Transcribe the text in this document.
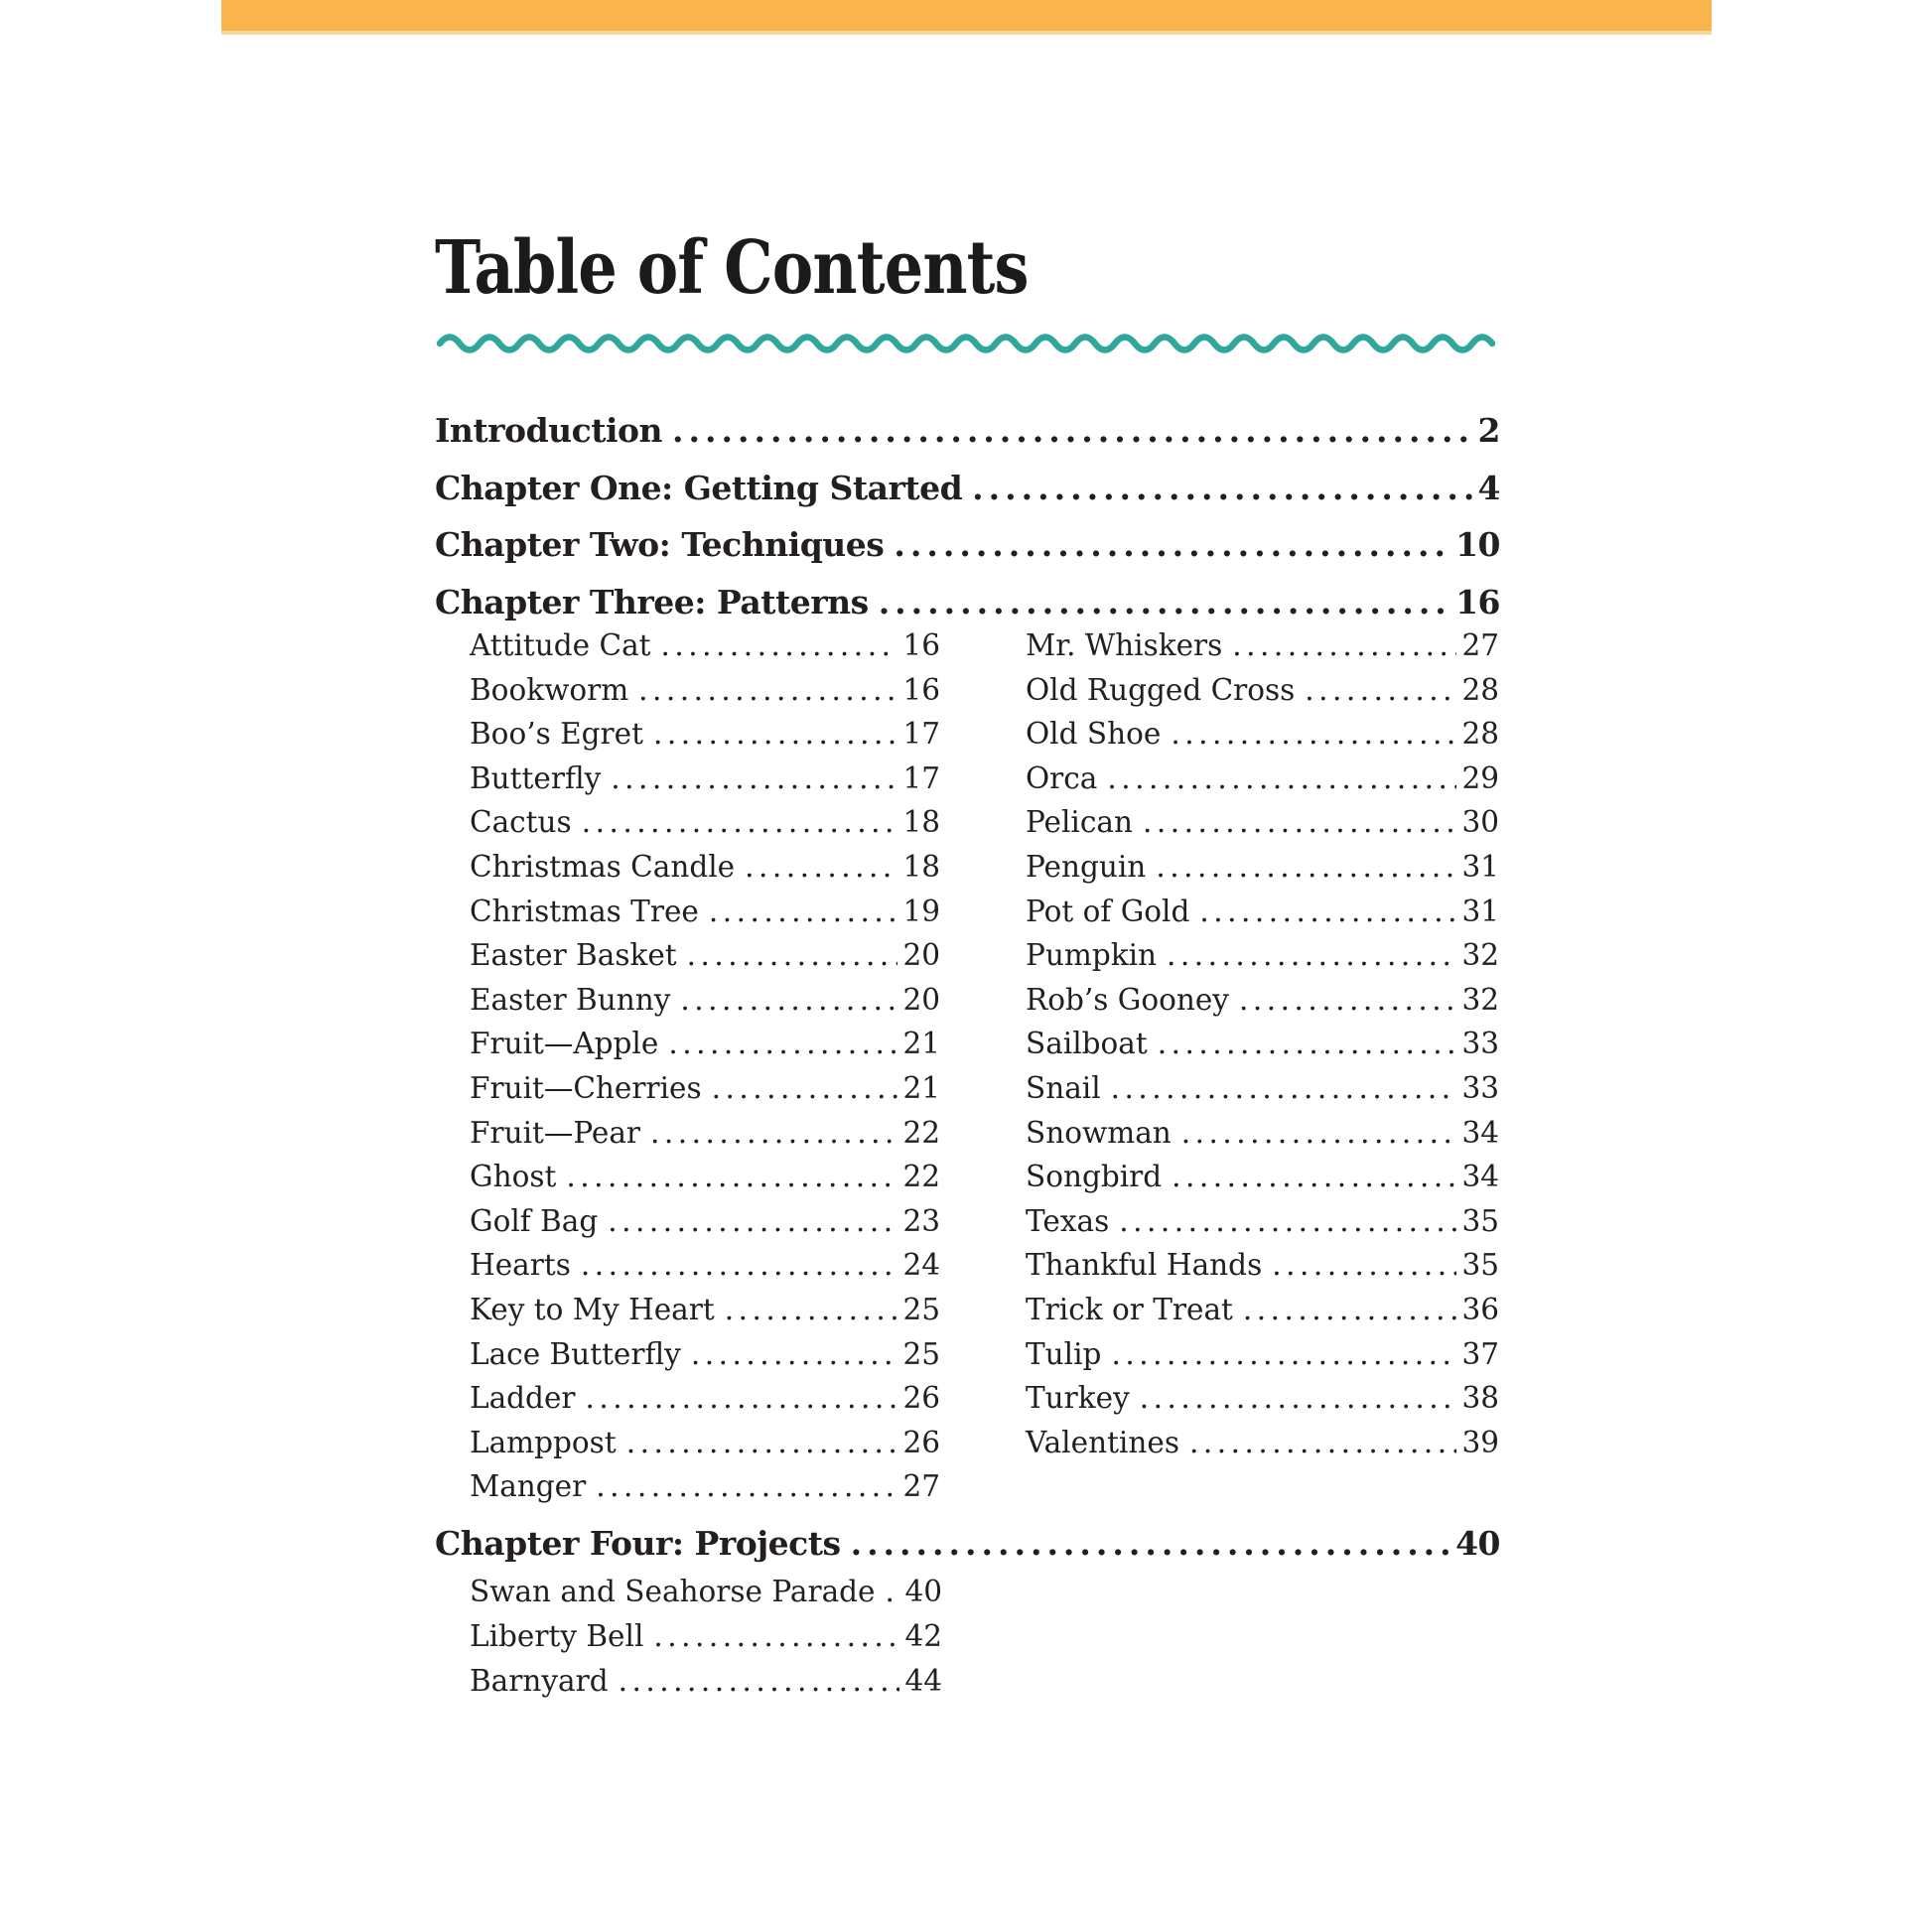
Table of Contents
Introduction .....	2
Chapter One: Getting Started .....	4
Chapter Two: Techniques .....	10
Chapter Three: Patterns .....	16
Attitude Cat .....	16
Bookworm .....	16
Boo’s Egret .....	17
Butterfly .....	17
Cactus .....	18
Christmas Candle .....	18
Christmas Tree .....	19
Easter Basket .....	20
Easter Bunny .....	20
Fruit—Apple .....	21
Fruit—Cherries .....	21
Fruit—Pear .....	22
Ghost .....	22
Golf Bag .....	23
Hearts .....	24
Key to My Heart .....	25
Lace Butterfly .....	25
Ladder .....	26
Lamppost .....	26
Manger .....	27
Mr. Whiskers .....	27
Old Rugged Cross .....	28
Old Shoe .....	28
Orca .....	29
Pelican .....	30
Penguin .....	31
Pot of Gold .....	31
Pumpkin .....	32
Rob’s Gooney .....	32
Sailboat .....	33
Snail .....	33
Snowman .....	34
Songbird .....	34
Texas .....	35
Thankful Hands .....	35
Trick or Treat .....	36
Tulip .....	37
Turkey .....	38
Valentines .....	39
Chapter Four: Projects .....	40
Swan and Seahorse Parade ..... 40
Liberty Bell .....	42
Barnyard .....	44
